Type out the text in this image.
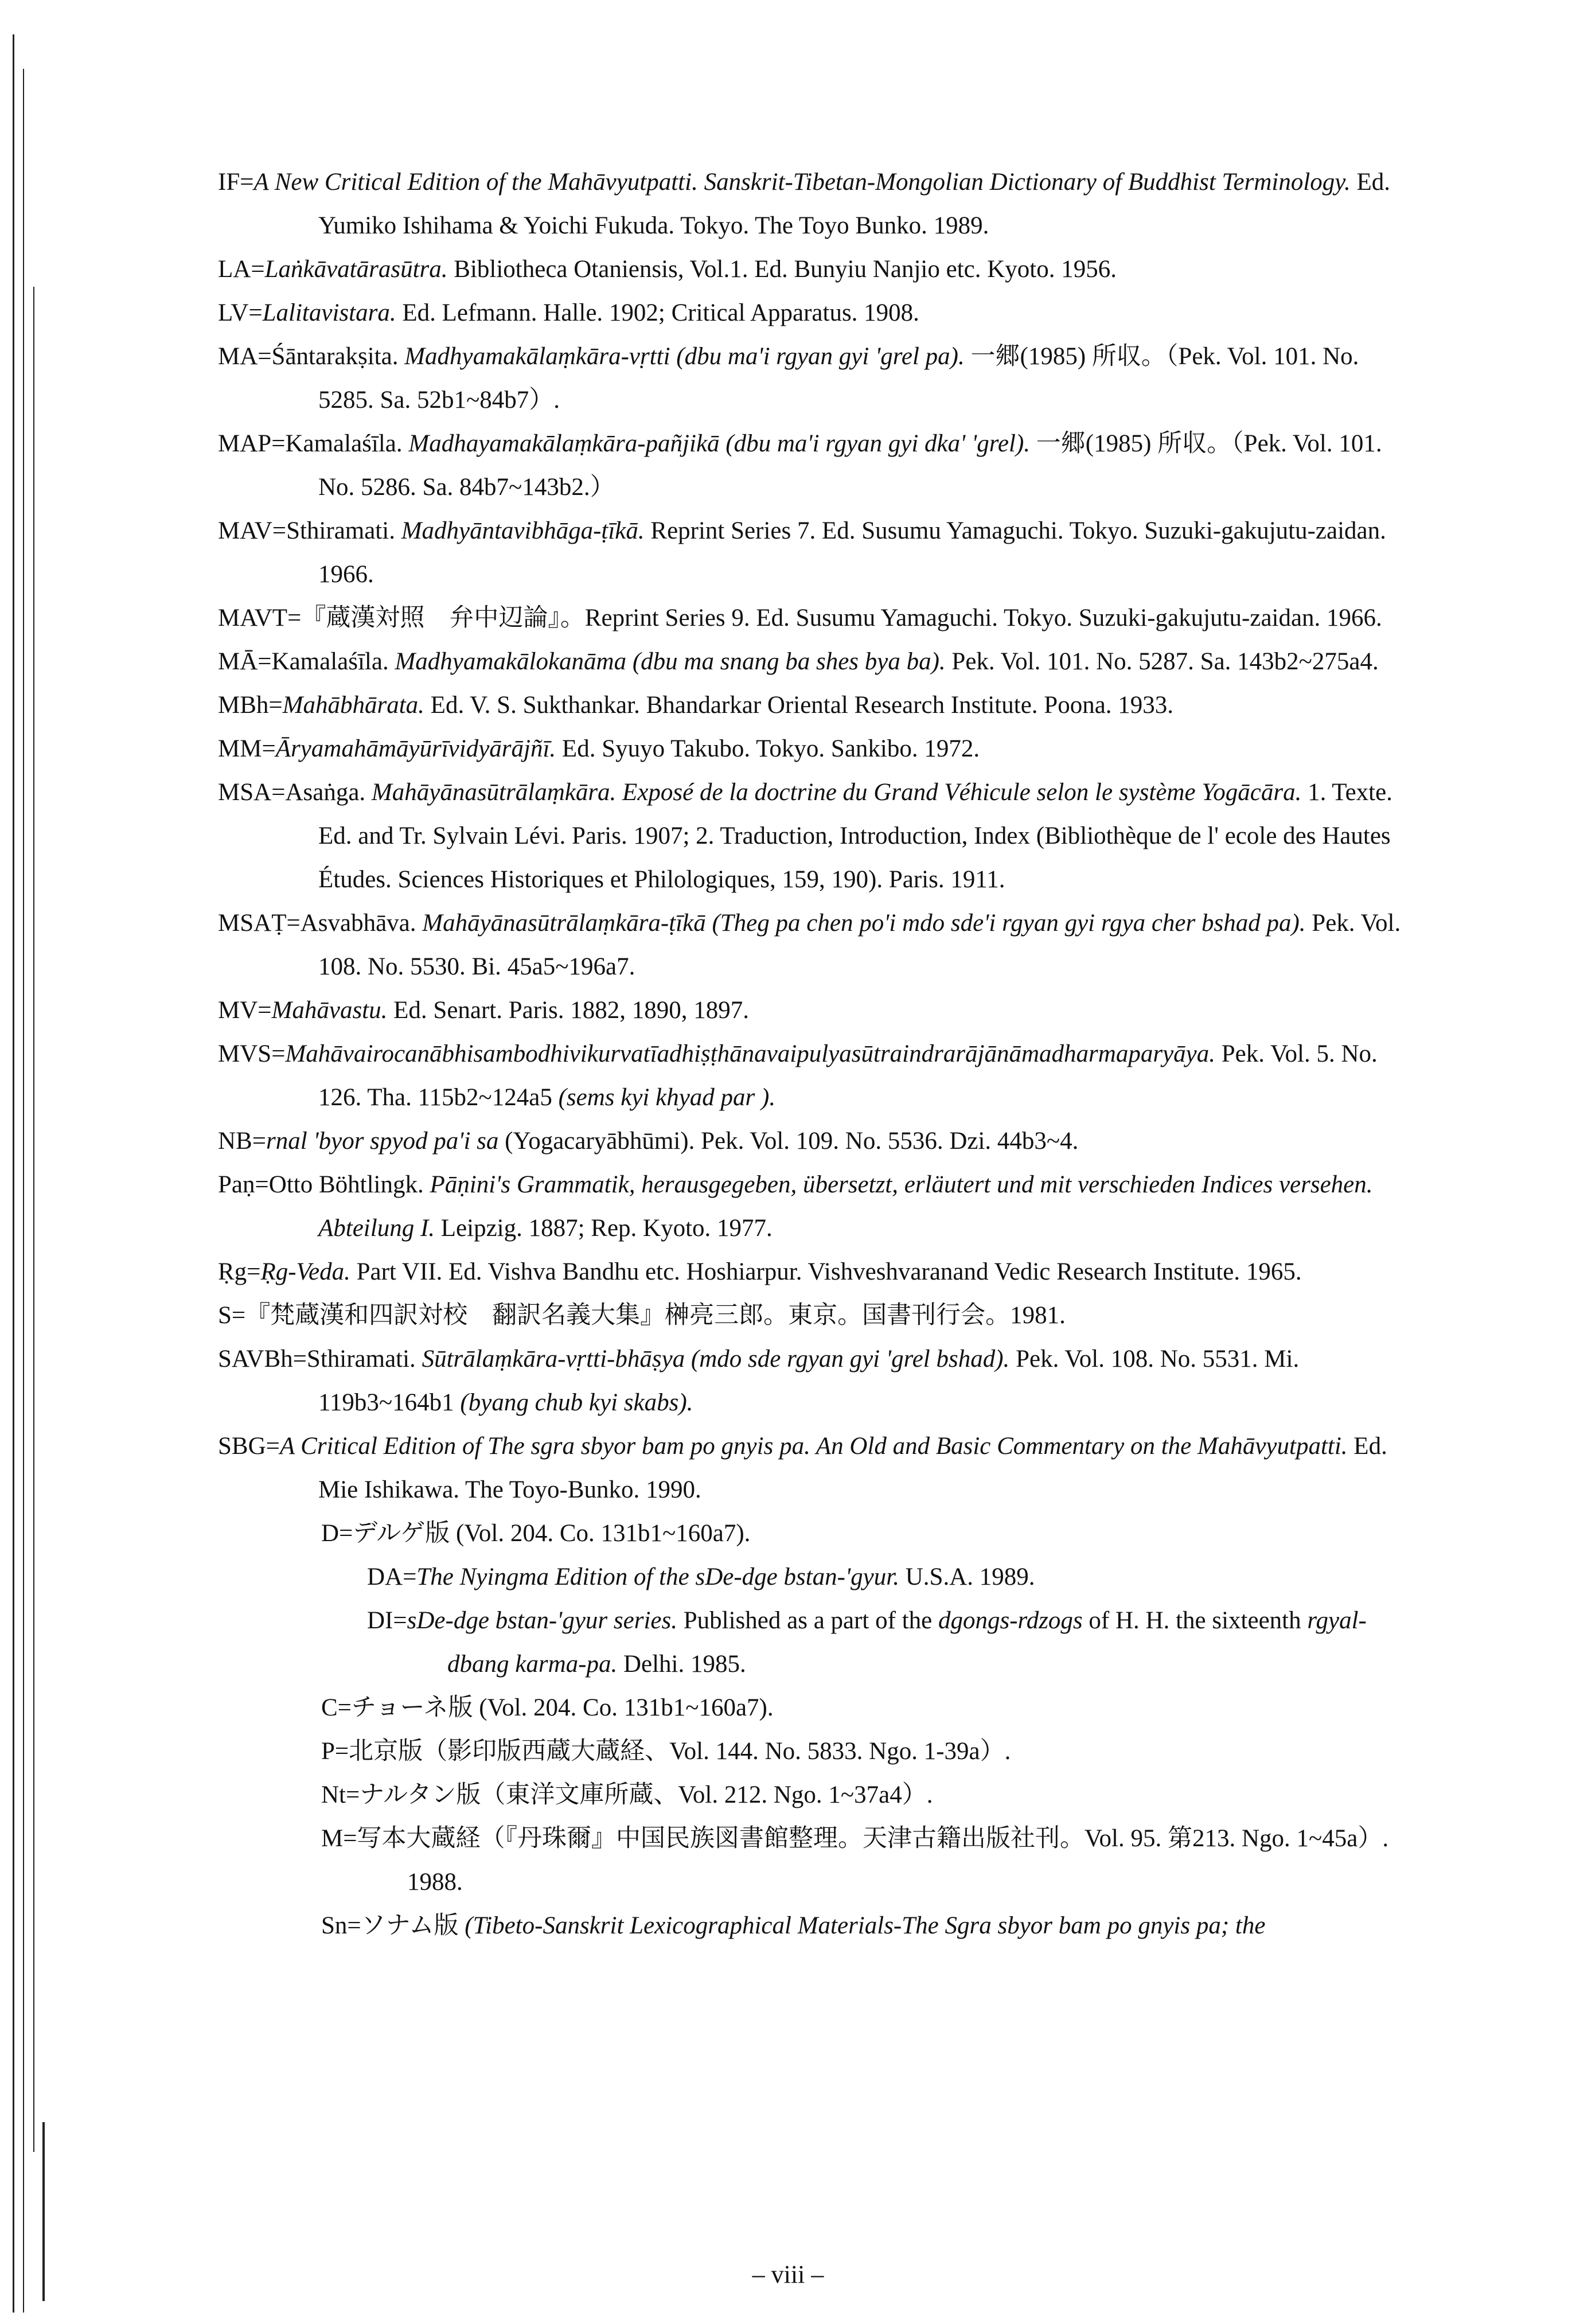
IF=A New Critical Edition of the Mahāvyutpatti. Sanskrit-Tibetan-Mongolian Dictionary of Buddhist Terminology. Ed. Yumiko Ishihama & Yoichi Fukuda. Tokyo. The Toyo Bunko. 1989.

LA=Laṅkāvatārasūtra. Bibliotheca Otaniensis, Vol.1. Ed. Bunyiu Nanjio etc. Kyoto. 1956.

LV=Lalitavistara. Ed. Lefmann. Halle. 1902; Critical Apparatus. 1908.

MA=Śāntarakṣita. Madhyamakālaṃkāra-vṛtti (dbu ma'i rgyan gyi 'grel pa). 一郷(1985) 所収。（Pek. Vol. 101. No. 5285. Sa. 52b1~84b7）.

MAP=Kamalaśīla. Madhayamakālaṃkāra-pañjikā (dbu ma'i rgyan gyi dka' 'grel). 一郷(1985) 所収。（Pek. Vol. 101. No. 5286. Sa. 84b7~143b2.）

MAV=Sthiramati. Madhyāntavibhāga-ṭīkā. Reprint Series 7. Ed. Susumu Yamaguchi. Tokyo. Suzuki-gakujutu-zaidan. 1966.

MAVT=『蔵漢対照　弁中辺論』。Reprint Series 9. Ed. Susumu Yamaguchi. Tokyo. Suzuki-gakujutu-zaidan. 1966.

MĀ=Kamalaśīla. Madhyamakālokanāma (dbu ma snang ba shes bya ba). Pek. Vol. 101. No. 5287. Sa. 143b2~275a4.

MBh=Mahābhārata. Ed. V. S. Sukthankar. Bhandarkar Oriental Research Institute. Poona. 1933.

MM=Āryamahāmāyūrīvidyārājñī. Ed. Syuyo Takubo. Tokyo. Sankibo. 1972.

MSA=Asaṅga. Mahāyānasūtrālaṃkāra. Exposé de la doctrine du Grand Véhicule selon le système Yogācāra. 1. Texte. Ed. and Tr. Sylvain Lévi. Paris. 1907; 2. Traduction, Introduction, Index (Bibliothèque de l' ecole des Hautes Études. Sciences Historiques et Philologiques, 159, 190). Paris. 1911.

MSAṬ=Asvabhāva. Mahāyānasūtrālaṃkāra-ṭīkā (Theg pa chen po'i mdo sde'i rgyan gyi rgya cher bshad pa). Pek. Vol. 108. No. 5530. Bi. 45a5~196a7.

MV=Mahāvastu. Ed. Senart. Paris. 1882, 1890, 1897.

MVS=Mahāvairocanābhisambodhivikurvatīadhiṣṭhānavaipulyasūtraindrarājānāmadharmaparyāya. Pek. Vol. 5. No. 126. Tha. 115b2~124a5 (sems kyi khyad par ).

NB=rnal 'byor spyod pa'i sa (Yogacaryābhūmi). Pek. Vol. 109. No. 5536. Dzi. 44b3~4.

Paṇ=Otto Böhtlingk. Pāṇini's Grammatik, herausgegeben, übersetzt, erläutert und mit verschieden Indices versehen. Abteilung I. Leipzig. 1887; Rep. Kyoto. 1977.

Ṛg=Ṛg-Veda. Part VII. Ed. Vishva Bandhu etc. Hoshiarpur. Vishveshvaranand Vedic Research Institute. 1965.

S=『梵蔵漢和四訳対校　翻訳名義大集』榊亮三郎。東京。国書刊行会。1981.

SAVBh=Sthiramati. Sūtrālaṃkāra-vṛtti-bhāṣya (mdo sde rgyan gyi 'grel bshad). Pek. Vol. 108. No. 5531. Mi. 119b3~164b1 (byang chub kyi skabs).

SBG=A Critical Edition of The sgra sbyor bam po gnyis pa. An Old and Basic Commentary on the Mahāvyutpatti. Ed. Mie Ishikawa. The Toyo-Bunko. 1990.

D=デルゲ版 (Vol. 204. Co. 131b1~160a7).

DA=The Nyingma Edition of the sDe-dge bstan-'gyur. U.S.A. 1989.

DI=sDe-dge bstan-'gyur series. Published as a part of the dgongs-rdzogs of H. H. the sixteenth rgyal-dbang karma-pa. Delhi. 1985.

C=チョーネ版 (Vol. 204. Co. 131b1~160a7).

P=北京版（影印版西蔵大蔵経、Vol. 144. No. 5833. Ngo. 1-39a）.

Nt=ナルタン版（東洋文庫所蔵、Vol. 212. Ngo. 1~37a4）.

M=写本大蔵経（『丹珠爾』中国民族図書館整理。天津古籍出版社刊。Vol. 95. 第213. Ngo. 1~45a）. 1988.

Sn=ソナム版 (Tibeto-Sanskrit Lexicographical Materials-The Sgra sbyor bam po gnyis pa; the

– viii –
